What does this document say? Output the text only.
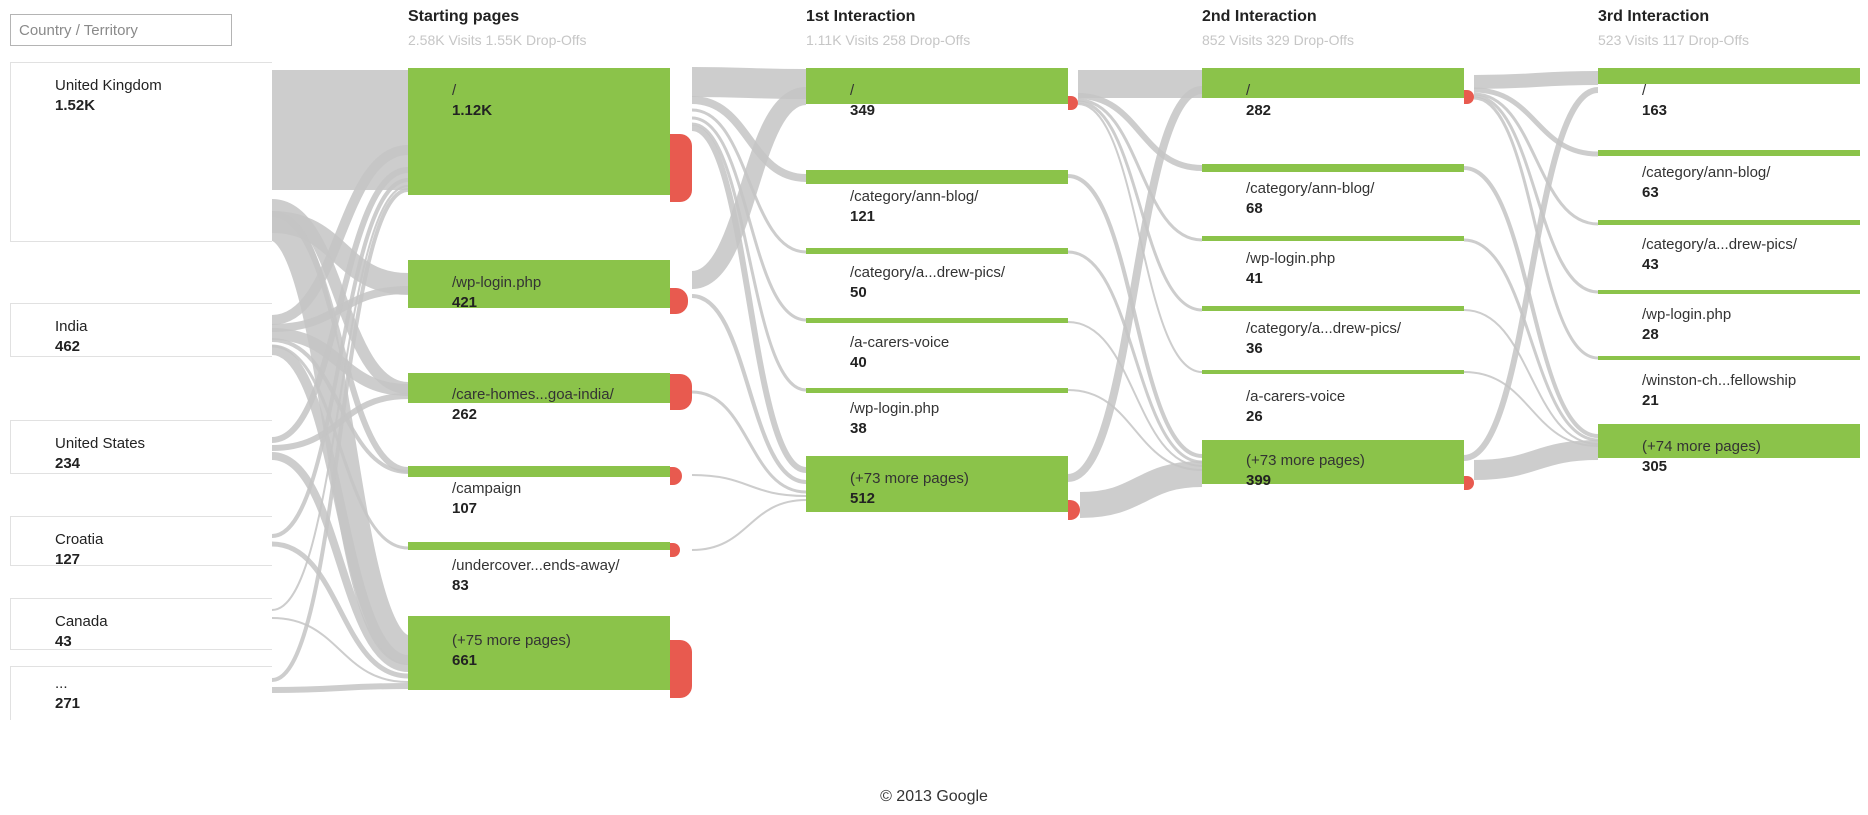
Country / Territory
United Kingdom
1.52K
India
462
United States
234
Croatia
127
Canada
43
...
271
Starting pages
2.58K Visits 1.55K Drop-Offs
1st Interaction
1.11K Visits 258 Drop-Offs
2nd Interaction
852 Visits 329 Drop-Offs
3rd Interaction
523 Visits 117 Drop-Offs
/
1.12K
/wp-login.php
421
/care-homes...goa-india/
262
/campaign
107
/undercover...ends-away/
83
(+75 more pages)
661
/
349
/category/ann-blog/
121
/category/a...drew-pics/
50
/a-carers-voice
40
/wp-login.php
38
(+73 more pages)
512
/
282
/category/ann-blog/
68
/wp-login.php
41
/category/a...drew-pics/
36
/a-carers-voice
26
(+73 more pages)
399
/
163
/category/ann-blog/
63
/category/a...drew-pics/
43
/wp-login.php
28
/winston-ch...fellowship
21
(+74 more pages)
305
© 2013 Google
